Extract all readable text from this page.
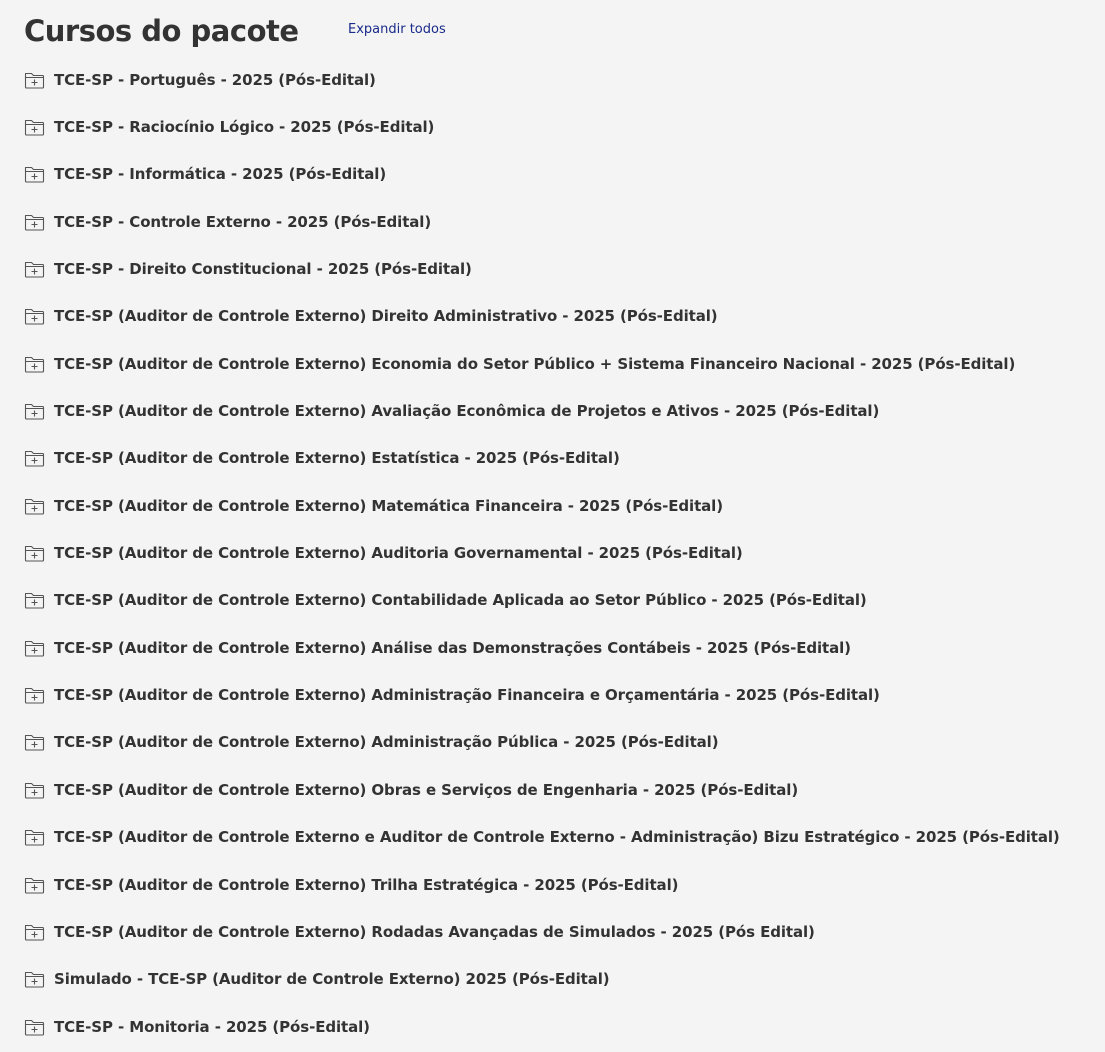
Cursos do pacote	Expandir todos
TCE-SP - Português - 2025 (Pós-Edital)
TCE-SP - Raciocínio Lógico - 2025 (Pós-Edital)
TCE-SP - Informática - 2025 (Pós-Edital)
TCE-SP - Controle Externo - 2025 (Pós-Edital)
TCE-SP - Direito Constitucional - 2025 (Pós-Edital)
TCE-SP (Auditor de Controle Externo) Direito Administrativo - 2025 (Pós-Edital)
TCE-SP (Auditor de Controle Externo) Economia do Setor Público + Sistema Financeiro Nacional - 2025 (Pós-Edital)
TCE-SP (Auditor de Controle Externo) Avaliação Econômica de Projetos e Ativos - 2025 (Pós-Edital)
TCE-SP (Auditor de Controle Externo) Estatística - 2025 (Pós-Edital)
TCE-SP (Auditor de Controle Externo) Matemática Financeira - 2025 (Pós-Edital)
TCE-SP (Auditor de Controle Externo) Auditoria Governamental - 2025 (Pós-Edital)
TCE-SP (Auditor de Controle Externo) Contabilidade Aplicada ao Setor Público - 2025 (Pós-Edital)
TCE-SP (Auditor de Controle Externo) Análise das Demonstrações Contábeis - 2025 (Pós-Edital)
TCE-SP (Auditor de Controle Externo) Administração Financeira e Orçamentária - 2025 (Pós-Edital)
TCE-SP (Auditor de Controle Externo) Administração Pública - 2025 (Pós-Edital)
TCE-SP (Auditor de Controle Externo) Obras e Serviços de Engenharia - 2025 (Pós-Edital)
TCE-SP (Auditor de Controle Externo e Auditor de Controle Externo - Administração) Bizu Estratégico - 2025 (Pós-Edital)
TCE-SP (Auditor de Controle Externo) Trilha Estratégica - 2025 (Pós-Edital)
TCE-SP (Auditor de Controle Externo) Rodadas Avançadas de Simulados - 2025 (Pós Edital)
Simulado - TCE-SP (Auditor de Controle Externo) 2025 (Pós-Edital)
TCE-SP - Monitoria - 2025 (Pós-Edital)
